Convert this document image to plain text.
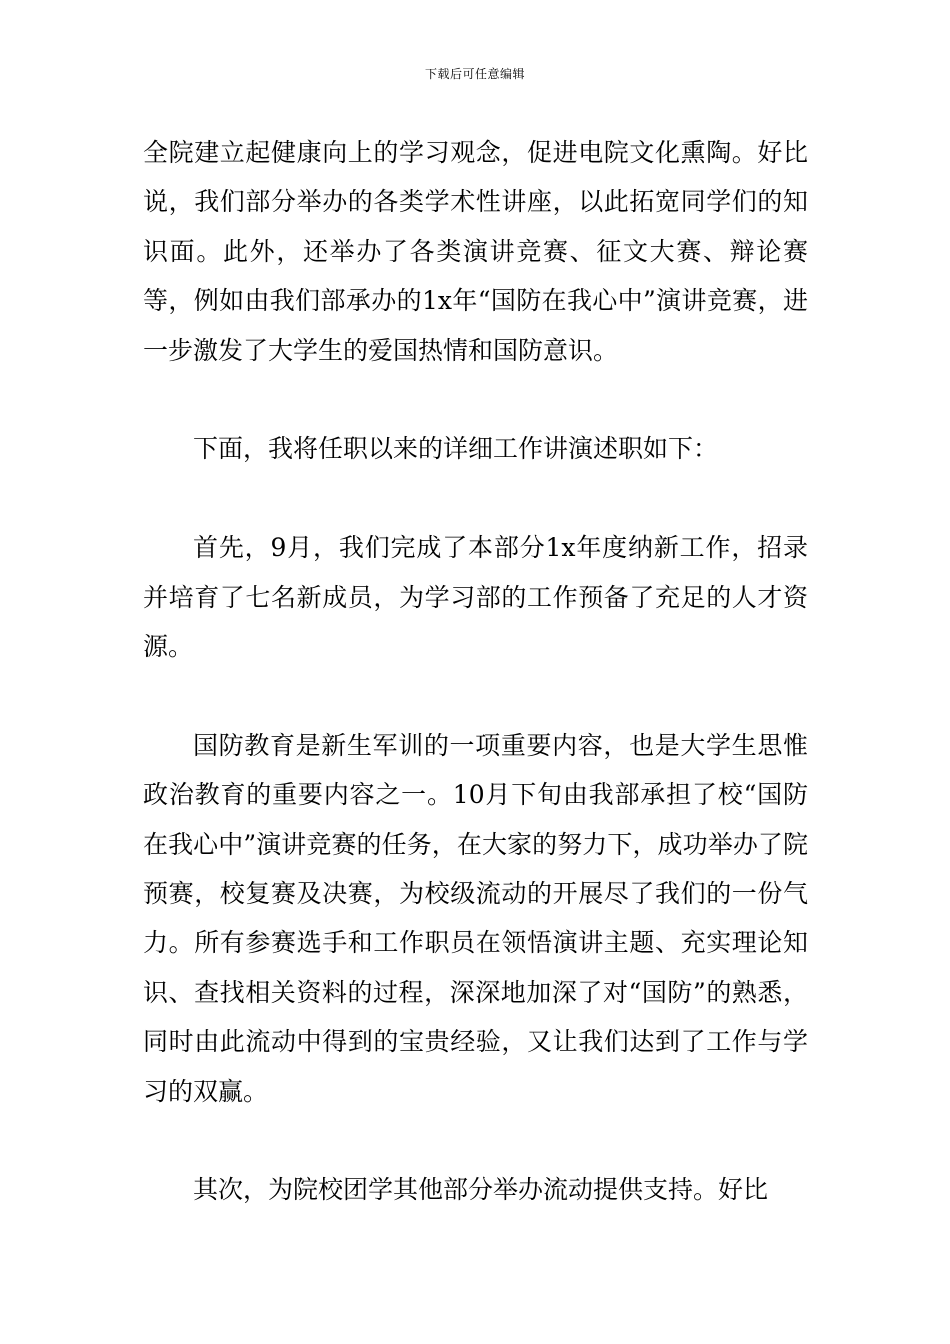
下载后可任意编辑

全院建立起健康向上的学习观念，促进电院文化熏陶。好比说，我们部分举办的各类学术性讲座，以此拓宽同学们的知识面。此外，还举办了各类演讲竞赛、征文大赛、辩论赛等，例如由我们部承办的1x年“国防在我心中”演讲竞赛，进一步激发了大学生的爱国热情和国防意识。

下面，我将任职以来的详细工作讲演述职如下：

首先，9月，我们完成了本部分1x年度纳新工作，招录并培育了七名新成员，为学习部的工作预备了充足的人才资源。

国防教育是新生军训的一项重要内容，也是大学生思惟政治教育的重要内容之一。10月下旬由我部承担了校“国防在我心中”演讲竞赛的任务，在大家的努力下，成功举办了院预赛，校复赛及决赛，为校级流动的开展尽了我们的一份气力。所有参赛选手和工作职员在领悟演讲主题、充实理论知识、查找相关资料的过程，深深地加深了对“国防”的熟悉，同时由此流动中得到的宝贵经验，又让我们达到了工作与学习的双赢。

其次，为院校团学其他部分举办流动提供支持。好比
